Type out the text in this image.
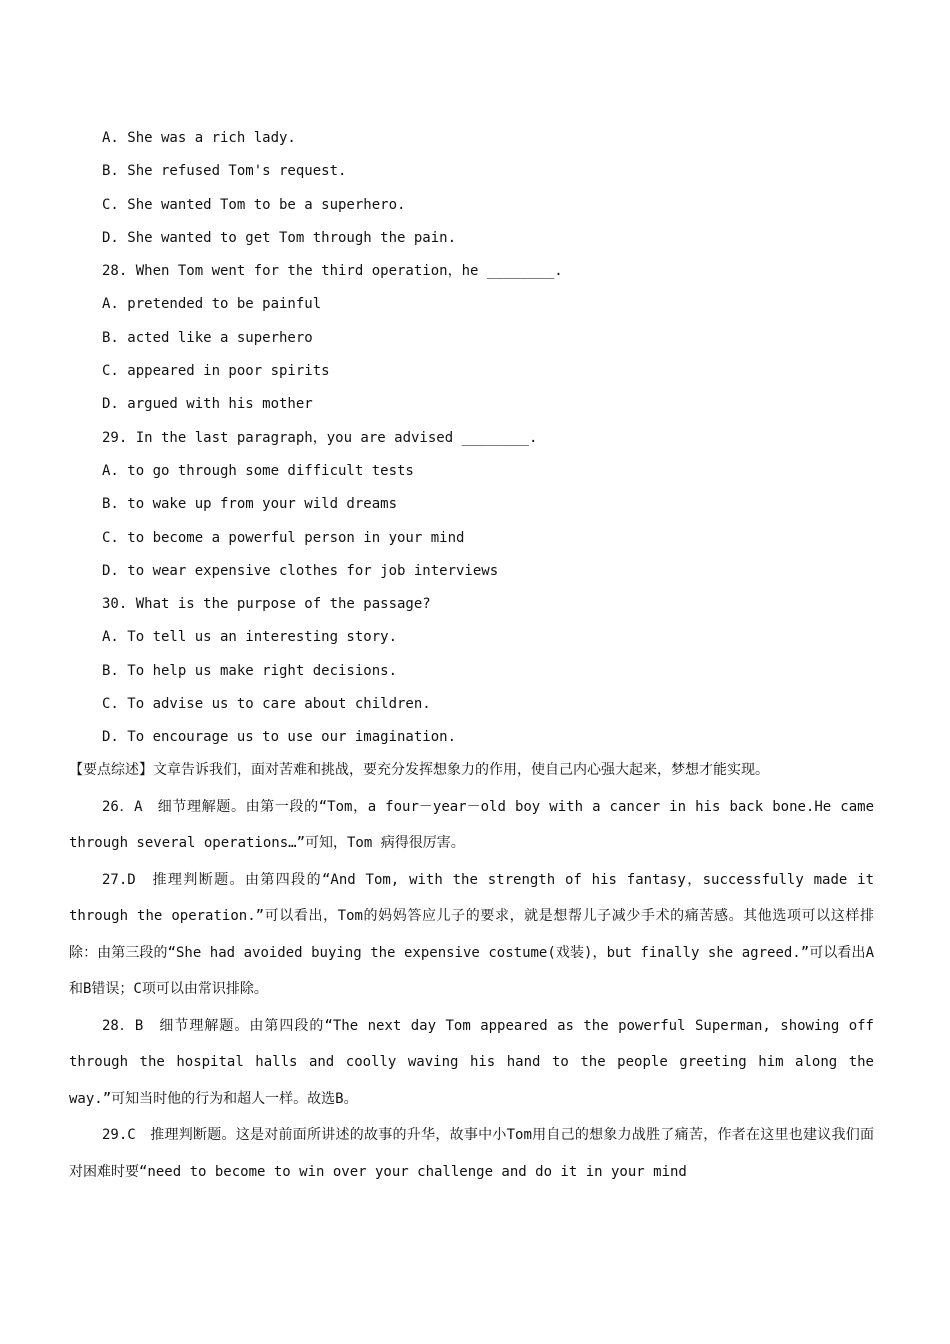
A. She was a rich lady.
B. She refused Tom's request.
C. She wanted Tom to be a superhero.
D. She wanted to get Tom through the pain.
28. When Tom went for the third operation，he ________.
A. pretended to be painful
B. acted like a superhero
C. appeared in poor spirits
D. argued with his mother
29. In the last paragraph，you are advised ________.
A. to go through some difficult tests
B. to wake up from your wild dreams
C. to become a powerful person in your mind
D. to wear expensive clothes for job interviews
30. What is the purpose of the passage?
A. To tell us an interesting story.
B. To help us make right decisions.
C. To advise us to care about children.
D. To encourage us to use our imagination.

【要点综述】文章告诉我们，面对苦难和挑战，要充分发挥想象力的作用，使自己内心强大起来，梦想才能实现。

26．A　细节理解题。由第一段的“Tom，a four－year－old boy with a cancer in his back bone.He came through several operations…”可知，Tom 病得很厉害。

27.D　推理判断题。由第四段的“And Tom, with the strength of his fantasy，successfully made it through the operation.”可以看出，Tom的妈妈答应儿子的要求，就是想帮儿子减少手术的痛苦感。其他选项可以这样排除：由第三段的“She had avoided buying the expensive costume(戏装)，but finally she agreed.”可以看出A和B错误；C项可以由常识排除。

28．B　细节理解题。由第四段的“The next day Tom appeared as the powerful Superman, showing off through the hospital halls and coolly waving his hand to the people greeting him along the way.”可知当时他的行为和超人一样。故选B。

29.C　推理判断题。这是对前面所讲述的故事的升华，故事中小Tom用自己的想象力战胜了痛苦，作者在这里也建议我们面对困难时要“need to become to win over your challenge and do it in your mind
